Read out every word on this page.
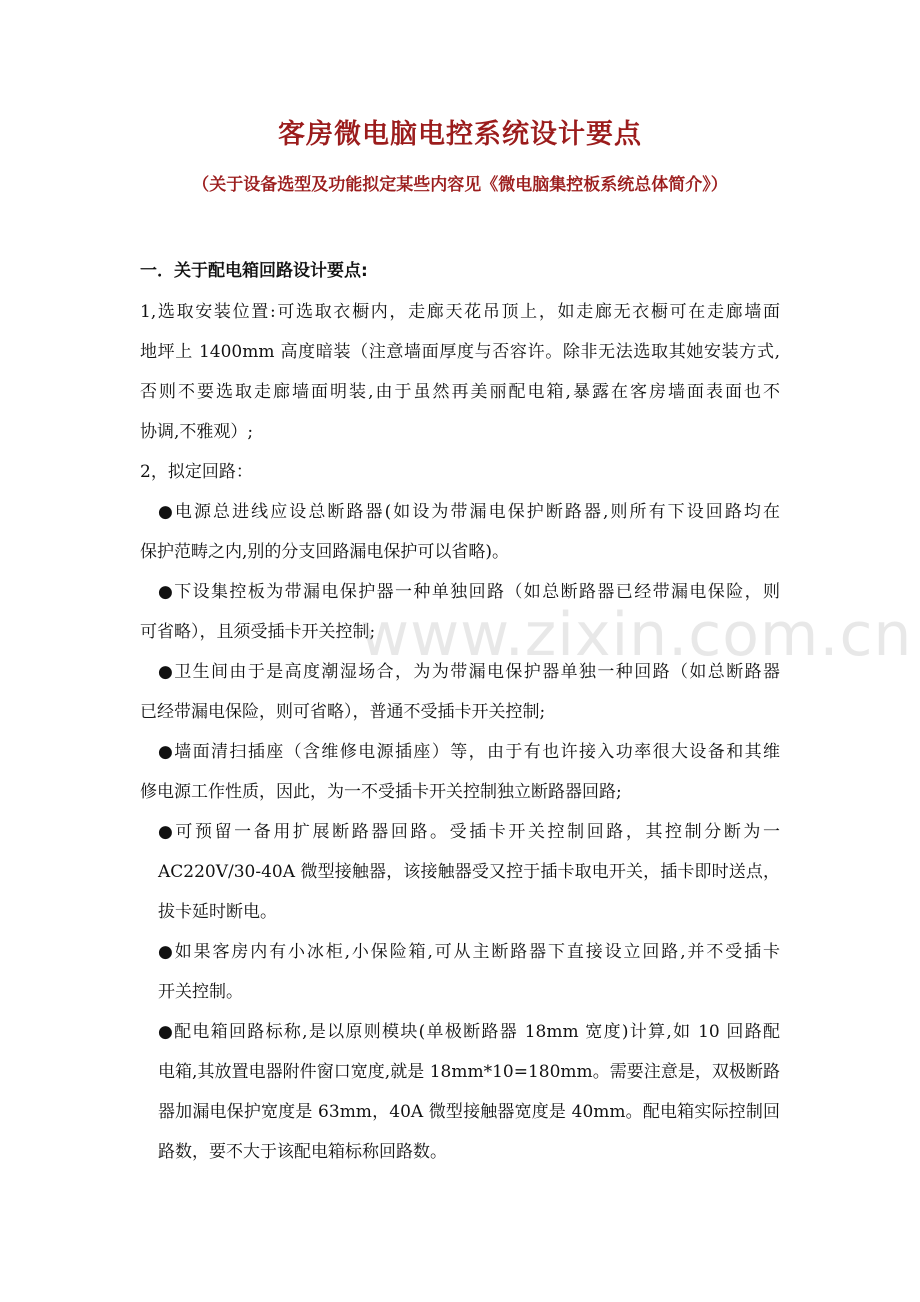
客房微电脑电控系统设计要点
（关于设备选型及功能拟定某些内容见《微电脑集控板系统总体简介》）
一．关于配电箱回路设计要点:
1,选取安装位置:可选取衣橱内，走廊天花吊顶上，如走廊无衣橱可在走廊墙面
地坪上 1400mm 高度暗装（注意墙面厚度与否容许。除非无法选取其她安装方式,
否则不要选取走廊墙面明装,由于虽然再美丽配电箱,暴露在客房墙面表面也不
协调,不雅观）;
2，拟定回路：
●电源总进线应设总断路器(如设为带漏电保护断路器,则所有下设回路均在
保护范畴之内,别的分支回路漏电保护可以省略)。
●下设集控板为带漏电保护器一种单独回路（如总断路器已经带漏电保险，则
可省略），且须受插卡开关控制;
●卫生间由于是高度潮湿场合，为为带漏电保护器单独一种回路（如总断路器
已经带漏电保险，则可省略），普通不受插卡开关控制;
●墙面清扫插座（含维修电源插座）等，由于有也许接入功率很大设备和其维
修电源工作性质，因此，为一不受插卡开关控制独立断路器回路;
●可预留一备用扩展断路器回路。受插卡开关控制回路，其控制分断为一
AC220V/30-40A 微型接触器，该接触器受又控于插卡取电开关，插卡即时送点，
拔卡延时断电。
●如果客房内有小冰柜,小保险箱,可从主断路器下直接设立回路,并不受插卡
开关控制。
●配电箱回路标称,是以原则模块(单极断路器 18mm 宽度)计算,如 10 回路配
电箱,其放置电器附件窗口宽度,就是 18mm*10=180mm。需要注意是，双极断路
器加漏电保护宽度是 63mm，40A 微型接触器宽度是 40mm。配电箱实际控制回
路数，要不大于该配电箱标称回路数。
www.zixin.com.cn
